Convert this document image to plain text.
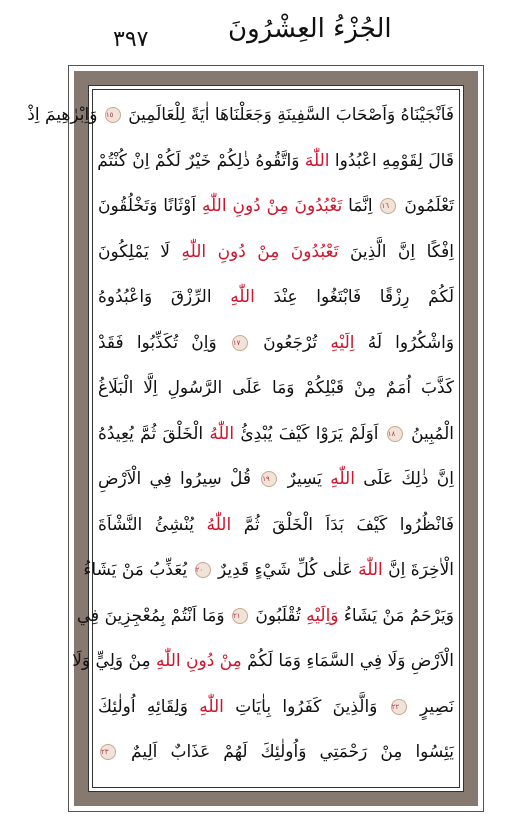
٣٩٧	الجُزْءُ العِشْرُونَ
فَاَنْجَيْنَاهُ وَاَصْحَابَ السَّفِينَةِ وَجَعَلْنَاهَا اٰيَةً لِلْعَالَمِينَ ١٥ وَاِبْرٰهِيمَ اِذْ
قَالَ لِقَوْمِهِ اعْبُدُوا اللّٰهَ وَاتَّقُوهُ ذٰلِكُمْ خَيْرٌ لَكُمْ اِنْ كُنْتُمْ
تَعْلَمُونَ ١٦ اِنَّمَا تَعْبُدُونَ مِنْ دُونِ اللّٰهِ اَوْثَانًا وَتَخْلُقُونَ
اِفْكًا اِنَّ الَّذِينَ تَعْبُدُونَ مِنْ دُونِ اللّٰهِ لَا يَمْلِكُونَ
لَكُمْ رِزْقًا فَابْتَغُوا عِنْدَ اللّٰهِ الرِّزْقَ وَاعْبُدُوهُ
وَاشْكُرُوا لَهُ اِلَيْهِ تُرْجَعُونَ ١٧ وَاِنْ تُكَذِّبُوا فَقَدْ
كَذَّبَ اُمَمٌ مِنْ قَبْلِكُمْ وَمَا عَلَى الرَّسُولِ اِلَّا الْبَلَاغُ
الْمُبِينُ ١٨ اَوَلَمْ يَرَوْا كَيْفَ يُبْدِئُ اللّٰهُ الْخَلْقَ ثُمَّ يُعِيدُهُ
اِنَّ ذٰلِكَ عَلَى اللّٰهِ يَسِيرٌ ١٩ قُلْ سِيرُوا فِي الْاَرْضِ
فَانْظُرُوا كَيْفَ بَدَاَ الْخَلْقَ ثُمَّ اللّٰهُ يُنْشِئُ النَّشْاَةَ
الْاٰخِرَةَ اِنَّ اللّٰهَ عَلٰى كُلِّ شَيْءٍ قَدِيرٌ ٢٠ يُعَذِّبُ مَنْ يَشَاءُ
وَيَرْحَمُ مَنْ يَشَاءُ وَاِلَيْهِ تُقْلَبُونَ ٢١ وَمَا اَنْتُمْ بِمُعْجِزِينَ فِي
الْاَرْضِ وَلَا فِي السَّمَاءِ وَمَا لَكُمْ مِنْ دُونِ اللّٰهِ مِنْ وَلِيٍّ وَلَا
نَصِيرٍ ٢٢ وَالَّذِينَ كَفَرُوا بِاٰيَاتِ اللّٰهِ وَلِقَائِهِ اُولٰئِكَ
يَئِسُوا مِنْ رَحْمَتِي وَاُولٰئِكَ لَهُمْ عَذَابٌ اَلِيمٌ ٢٣
